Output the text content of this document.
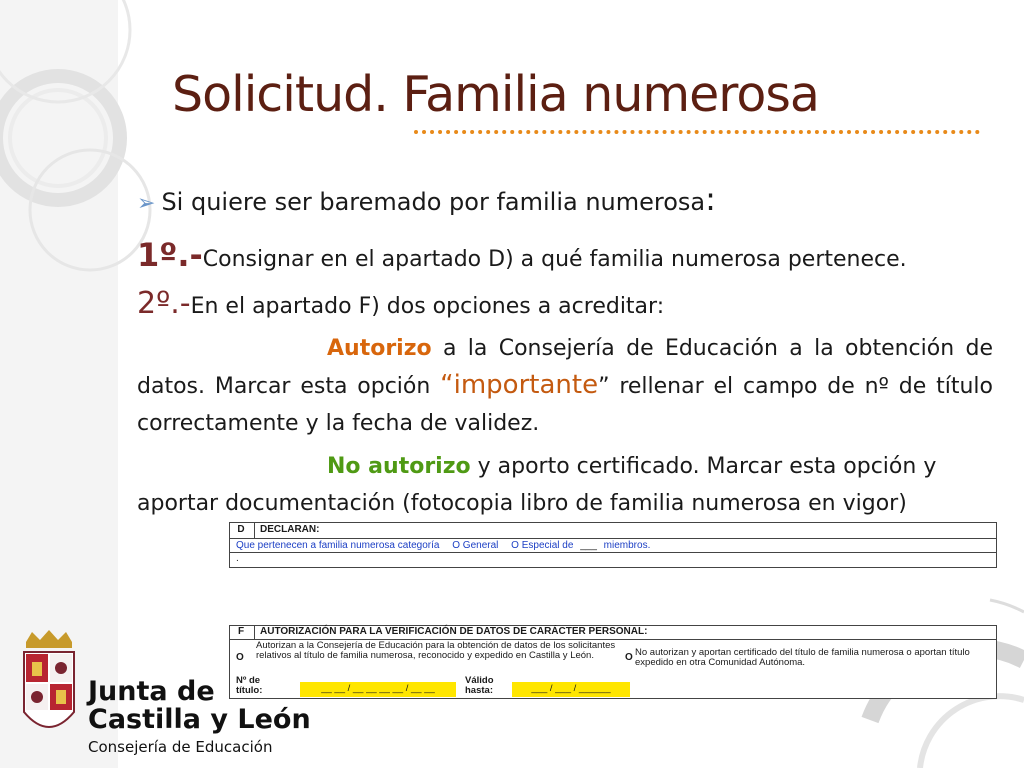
Solicitud. Familia numerosa
➢ Si quiere ser baremado por familia numerosa:
1º.-Consignar en el apartado D) a qué familia numerosa pertenece.
2º.-En el apartado F) dos opciones a acreditar:
Autorizo a la Consejería de Educación a la obtención de datos. Marcar esta opción “importante” rellenar el campo de nº de título correctamente y la fecha de validez.
No autorizo y aporto certificado. Marcar esta opción y aportar documentación (fotocopia libro de familia numerosa en vigor)
D	DECLARAN:
Que pertenecen a familia numerosa categoría O General O Especial de ___ miembros.
.
F	AUTORIZACIÓN PARA LA VERIFICACIÓN DE DATOS DE CARÁCTER PERSONAL:
O
Autorizan a la Consejería de Educación para la obtención de datos de los solicitantes relativos al título de familia numerosa, reconocido y expedido en Castilla y León.	O No autorizan y aportan certificado del título de familia numerosa o aportan título expedido en otra Comunidad Autónoma.
Nº de título:	__ __ / __ __ __ __ / __ __
Válido hasta:	___ / ___ / ______
Junta de
Castilla y León
Consejería de Educación
